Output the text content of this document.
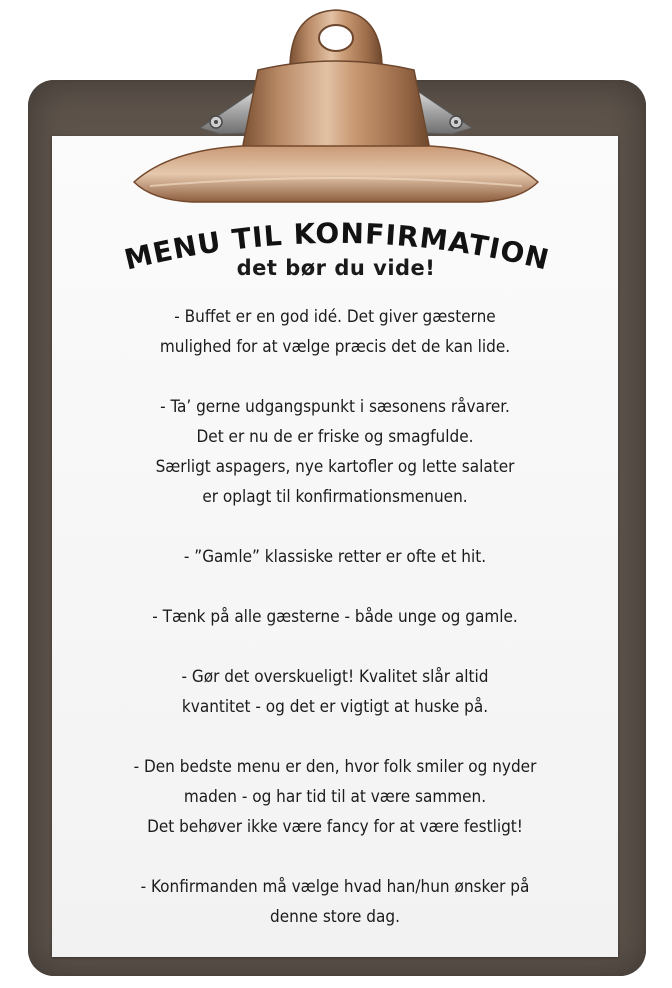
MENU TIL KONFIRMATION
det bør du vide!
- Buffet er en god idé. Det giver gæsterne
mulighed for at vælge præcis det de kan lide.
- Ta’ gerne udgangspunkt i sæsonens råvarer.
Det er nu de er friske og smagfulde.
Særligt aspagers, nye kartofler og lette salater
er oplagt til konfirmationsmenuen.
- ”Gamle” klassiske retter er ofte et hit.
- Tænk på alle gæsterne - både unge og gamle.
- Gør det overskueligt! Kvalitet slår altid
kvantitet - og det er vigtigt at huske på.
- Den bedste menu er den, hvor folk smiler og nyder
maden - og har tid til at være sammen.
Det behøver ikke være fancy for at være festligt!
- Konfirmanden må vælge hvad han/hun ønsker på
denne store dag.
